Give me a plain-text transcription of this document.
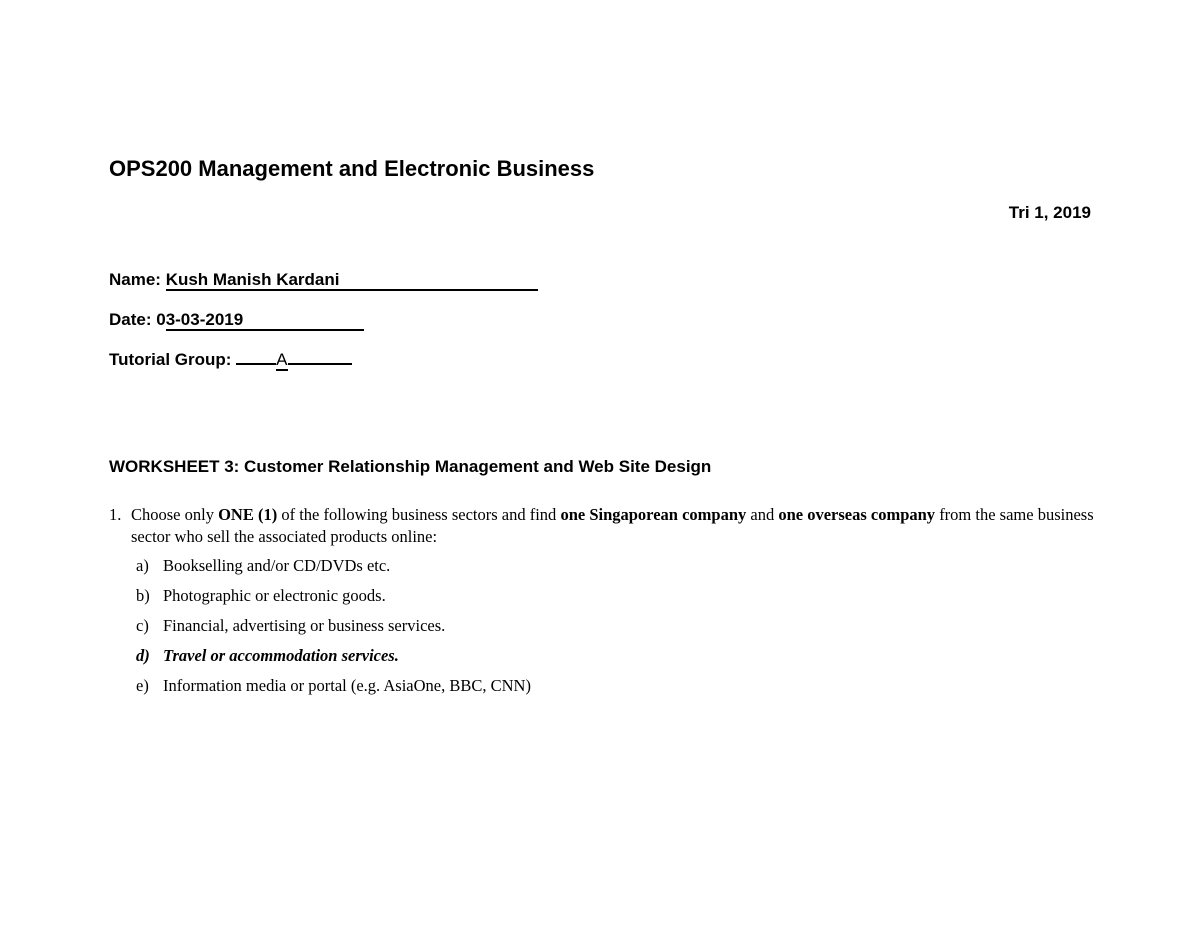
OPS200 Management and Electronic Business
Tri 1, 2019
Name: Kush Manish Kardani
Date: 03-03-2019
Tutorial Group: A
WORKSHEET 3: Customer Relationship Management and Web Site Design
1. Choose only ONE (1) of the following business sectors and find one Singaporean company and one overseas company from the same business sector who sell the associated products online:
a) Bookselling and/or CD/DVDs etc.
b) Photographic or electronic goods.
c) Financial, advertising or business services.
d) Travel or accommodation services.
e) Information media or portal (e.g. AsiaOne, BBC, CNN)
